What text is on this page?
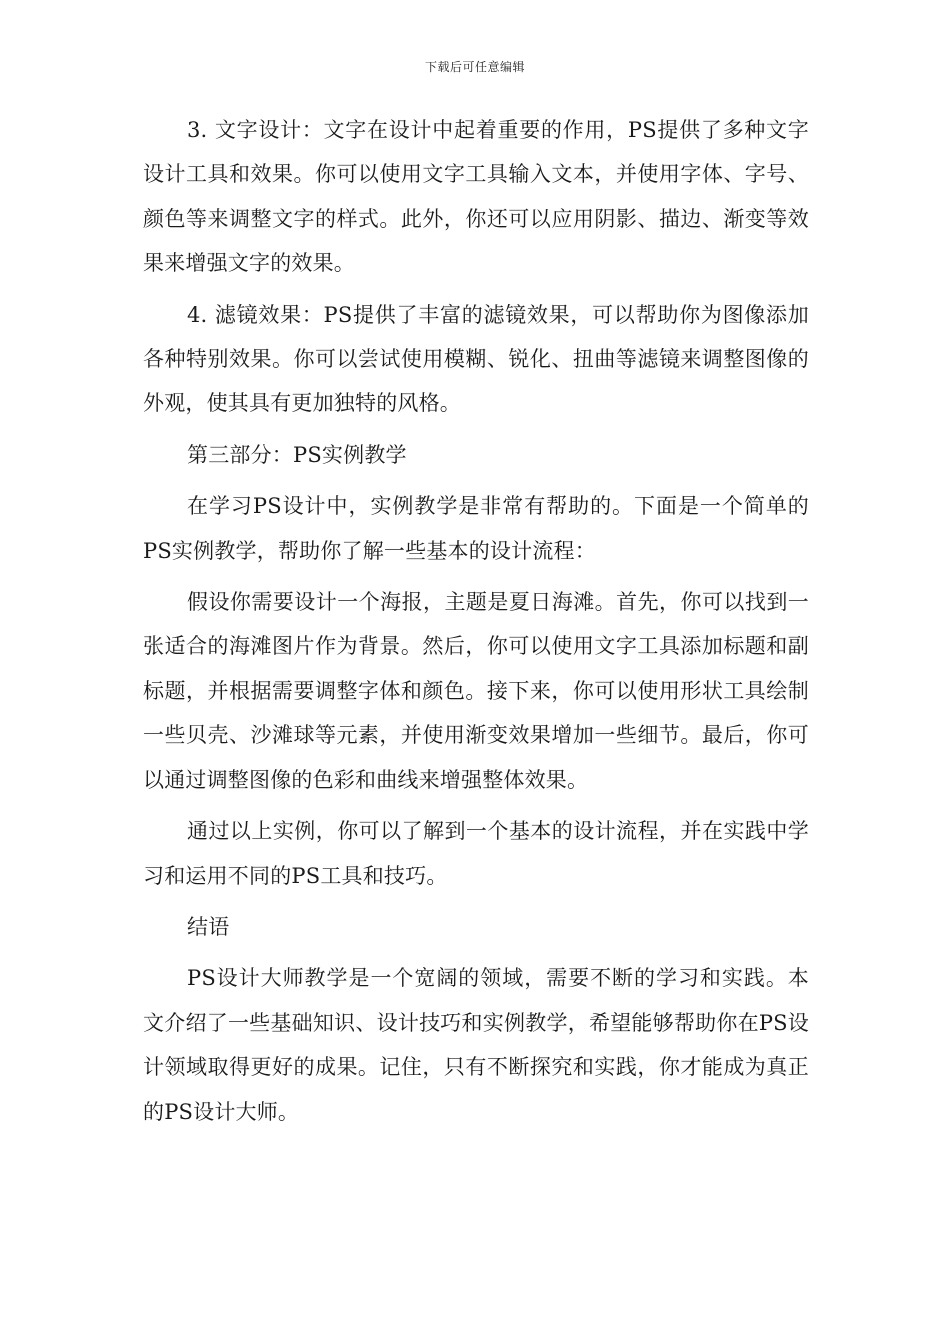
下载后可任意编辑

3. 文字设计：文字在设计中起着重要的作用，PS提供了多种文字设计工具和效果。你可以使用文字工具输入文本，并使用字体、字号、颜色等来调整文字的样式。此外，你还可以应用阴影、描边、渐变等效果来增强文字的效果。

4. 滤镜效果：PS提供了丰富的滤镜效果，可以帮助你为图像添加各种特别效果。你可以尝试使用模糊、锐化、扭曲等滤镜来调整图像的外观，使其具有更加独特的风格。

第三部分：PS实例教学

在学习PS设计中，实例教学是非常有帮助的。下面是一个简单的PS实例教学，帮助你了解一些基本的设计流程：

假设你需要设计一个海报，主题是夏日海滩。首先，你可以找到一张适合的海滩图片作为背景。然后，你可以使用文字工具添加标题和副标题，并根据需要调整字体和颜色。接下来，你可以使用形状工具绘制一些贝壳、沙滩球等元素，并使用渐变效果增加一些细节。最后，你可以通过调整图像的色彩和曲线来增强整体效果。

通过以上实例，你可以了解到一个基本的设计流程，并在实践中学习和运用不同的PS工具和技巧。

结语

PS设计大师教学是一个宽阔的领域，需要不断的学习和实践。本文介绍了一些基础知识、设计技巧和实例教学，希望能够帮助你在PS设计领域取得更好的成果。记住，只有不断探究和实践，你才能成为真正的PS设计大师。
